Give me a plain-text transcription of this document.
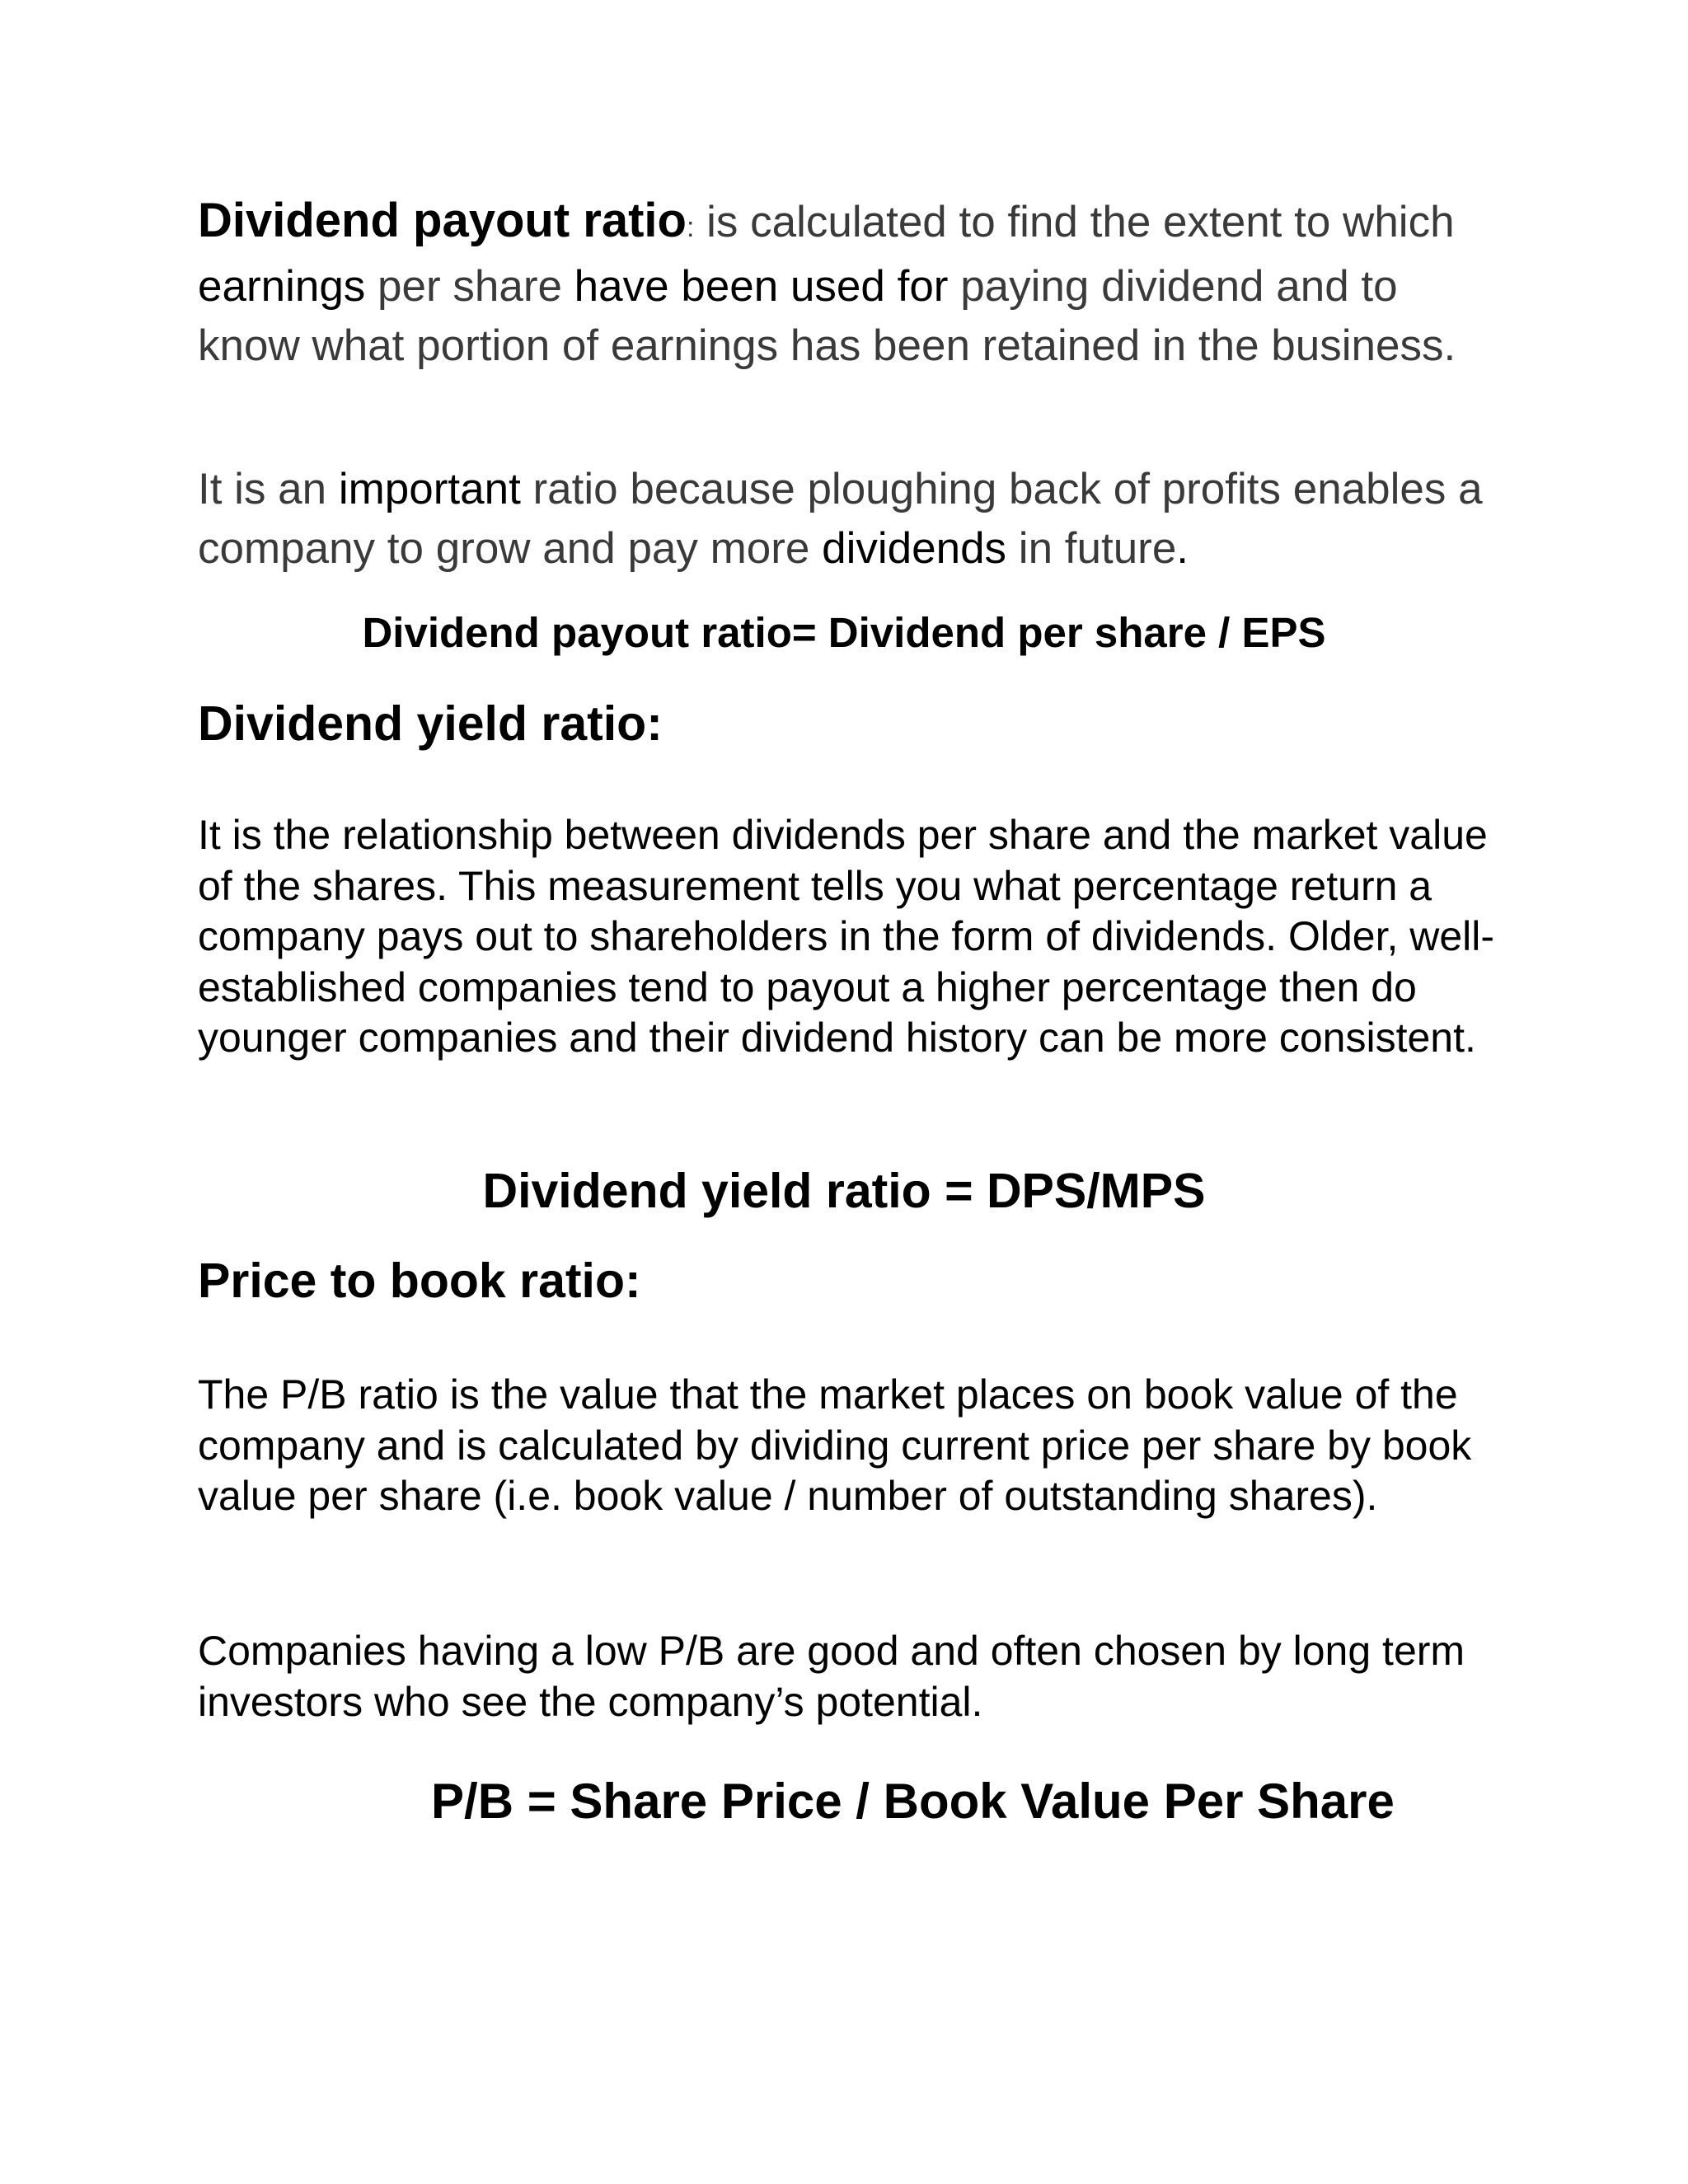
Dividend payout ratio: is calculated to find the extent to which earnings per share have been used for paying dividend and to know what portion of earnings has been retained in the business.

It is an important ratio because ploughing back of profits enables a company to grow and pay more dividends in future.

Dividend payout ratio= Dividend per share / EPS

Dividend yield ratio:

It is the relationship between dividends per share and the market value of the shares. This measurement tells you what percentage return a company pays out to shareholders in the form of dividends. Older, well-established companies tend to payout a higher percentage then do younger companies and their dividend history can be more consistent.

Dividend yield ratio = DPS/MPS

Price to book ratio:

The P/B ratio is the value that the market places on book value of the company and is calculated by dividing current price per share by book value per share (i.e. book value / number of outstanding shares).

Companies having a low P/B are good and often chosen by long term investors who see the company’s potential.

P/B = Share Price / Book Value Per Share
